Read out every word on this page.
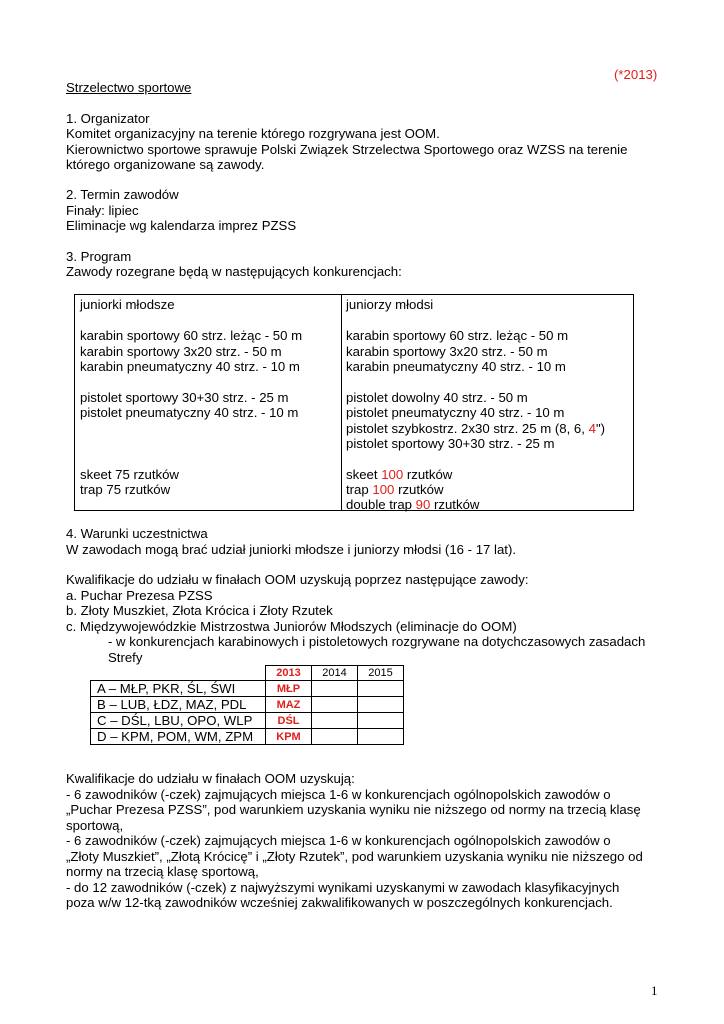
(*2013)
Strzelectwo sportowe
1. Organizator
Komitet organizacyjny na terenie którego rozgrywana jest OOM.
Kierownictwo sportowe sprawuje Polski Związek Strzelectwa Sportowego oraz WZSS na terenie
którego organizowane są zawody.
2. Termin zawodów
Finały: lipiec
Eliminacje wg kalendarza imprez PZSS
3. Program
Zawody rozegrane będą w następujących konkurencjach:
juniorki młodsze
karabin sportowy 60 strz. leżąc - 50 m
karabin sportowy 3x20 strz. - 50 m
karabin pneumatyczny 40 strz. - 10 m
pistolet sportowy 30+30 strz. - 25 m
pistolet pneumatyczny 40 strz. - 10 m
skeet 75 rzutków
trap 75 rzutków
juniorzy młodsi
karabin sportowy 60 strz. leżąc - 50 m
karabin sportowy 3x20 strz. - 50 m
karabin pneumatyczny 40 strz. - 10 m
pistolet dowolny 40 strz. - 50 m
pistolet pneumatyczny 40 strz. - 10 m
pistolet szybkostrz. 2x30 strz. 25 m (8, 6, 4")
pistolet sportowy 30+30 strz. - 25 m
skeet 100 rzutków
trap 100 rzutków
double trap 90 rzutków
4. Warunki uczestnictwa
W zawodach mogą brać udział juniorki młodsze i juniorzy młodsi (16 - 17 lat).
Kwalifikacje do udziału w finałach OOM uzyskują poprzez następujące zawody:
a. Puchar Prezesa PZSS
b. Złoty Muszkiet, Złota Krócica i Złoty Rzutek
c. Międzywojewódzkie Mistrzostwa Juniorów Młodszych (eliminacje do OOM)
- w konkurencjach karabinowych i pistoletowych rozgrywane na dotychczasowych zasadach
Strefy
	2013	2014	2015
A – MŁP, PKR, ŚL, ŚWI	MŁP		
B – LUB, ŁDZ, MAZ, PDL	MAZ		
C – DŚL, LBU, OPO, WLP	DŚL		
D – KPM, POM, WM, ZPM	KPM		
Kwalifikacje do udziału w finałach OOM uzyskują:
- 6 zawodników (-czek) zajmujących miejsca 1-6 w konkurencjach ogólnopolskich zawodów o
„Puchar Prezesa PZSS”, pod warunkiem uzyskania wyniku nie niższego od normy na trzecią klasę
sportową,
- 6 zawodników (-czek) zajmujących miejsca 1-6 w konkurencjach ogólnopolskich zawodów o
„Złoty Muszkiet”, „Złotą Krócicę” i „Złoty Rzutek”, pod warunkiem uzyskania wyniku nie niższego od
normy na trzecią klasę sportową,
- do 12 zawodników (-czek) z najwyższymi wynikami uzyskanymi w zawodach klasyfikacyjnych
poza w/w 12-tką zawodników wcześniej zakwalifikowanych w poszczególnych konkurencjach.
1
